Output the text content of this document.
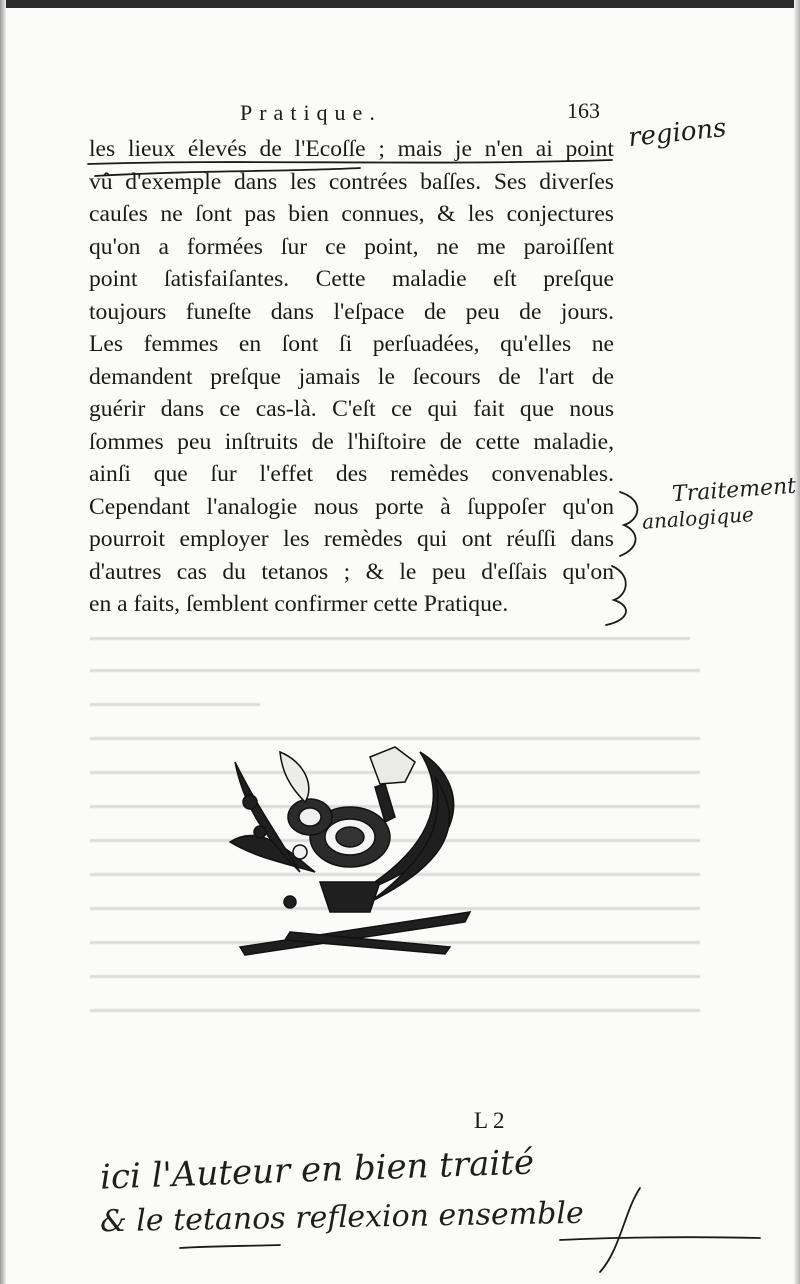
Pratique.	163
les lieux élevés de l'Ecoſſe ; mais je n'en ai point
vû d'exemple dans les contrées baſſes. Ses diverſes
cauſes ne ſont pas bien connues, & les conjectures
qu'on a formées ſur ce point, ne me paroiſſent
point ſatisfaiſantes. Cette maladie eſt preſque
toujours funeſte dans l'eſpace de peu de jours.
Les femmes en ſont ſi perſuadées, qu'elles ne
demandent preſque jamais le ſecours de l'art de
guérir dans ce cas-là. C'eſt ce qui fait que nous
ſommes peu inſtruits de l'hiſtoire de cette maladie,
ainſi que ſur l'effet des remèdes convenables.
Cependant l'analogie nous porte à ſuppoſer qu'on
pourroit employer les remèdes qui ont réuſſi dans
d'autres cas du tetanos ; & le peu d'eſſais qu'on
en a faits, ſemblent confirmer cette Pratique.
L 2
regions
Traitement
analogique
ici l'Auteur en bien traité
& le tetanos reflexion ensemble
